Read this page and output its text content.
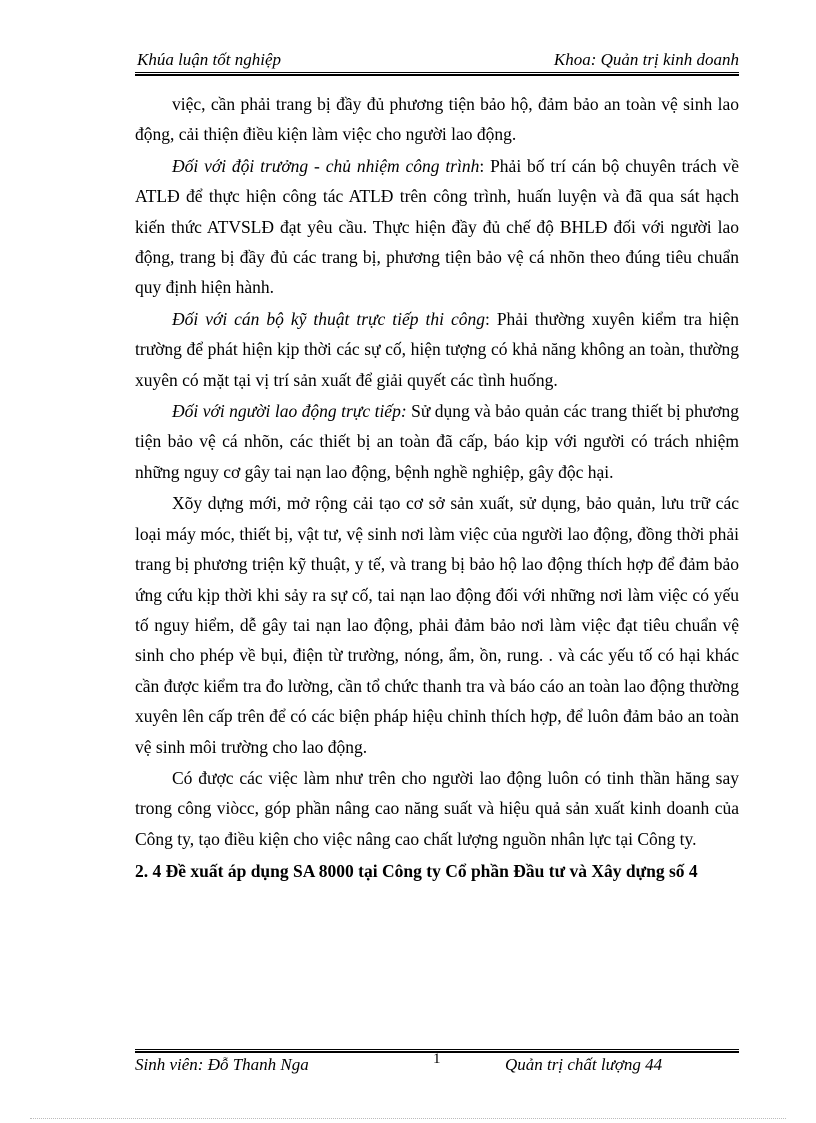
Khúa luận tốt nghiệp	Khoa: Quản trị kinh doanh

việc, cần phải trang bị đầy đủ phương tiện bảo hộ, đảm bảo an toàn vệ sinh lao động, cải thiện điều kiện làm việc cho người lao động.

Đối với đội trưởng - chủ nhiệm công trình: Phải bố trí cán bộ chuyên trách về ATLĐ để thực hiện công tác ATLĐ trên công trình, huấn luyện và đã qua sát hạch kiến thức ATVSLĐ đạt yêu cầu. Thực hiện đầy đủ chế độ BHLĐ đối với người lao động, trang bị đầy đủ các trang bị, phương tiện bảo vệ cá nhõn theo đúng tiêu chuẩn quy định hiện hành.

Đối với cán bộ kỹ thuật trực tiếp thi công: Phải thường xuyên kiểm tra hiện trường để phát hiện kịp thời các sự cố, hiện tượng có khả năng không an toàn, thường xuyên có mặt tại vị trí sản xuất để giải quyết các tình huống.

Đối với người lao động trực tiếp: Sử dụng và bảo quản các trang thiết bị phương tiện bảo vệ cá nhõn, các thiết bị an toàn đã cấp, báo kịp với người có trách nhiệm những nguy cơ gây tai nạn lao động, bệnh nghề nghiệp, gây độc hại.

Xõy dựng mới, mở rộng cải tạo cơ sở sản xuất, sử dụng, bảo quản, lưu trữ các loại máy móc, thiết bị, vật tư, vệ sinh nơi làm việc của người lao động, đồng thời phải trang bị phương triện kỹ thuật, y tế, và trang bị bảo hộ lao động thích hợp để đảm bảo ứng cứu kịp thời khi sảy ra sự cố, tai nạn lao động đối với những nơi làm việc có yếu tố nguy hiểm, dễ gây tai nạn lao động, phải đảm bảo nơi làm việc đạt tiêu chuẩn vệ sinh cho phép về bụi, điện từ trường, nóng, ẩm, ồn, rung. . và các yếu tố có hại khác cần được kiểm tra đo lường, cần tổ chức thanh tra và báo cáo an toàn lao động thường xuyên lên cấp trên để có các biện pháp hiệu chỉnh thích hợp, để luôn đảm bảo an toàn vệ sinh môi trường cho lao động.

Có được các việc làm như trên cho người lao động luôn có tinh thần hăng say trong công viòcc, góp phần nâng cao năng suất và hiệu quả sản xuất kinh doanh của Công ty, tạo điều kiện cho việc nâng cao chất lượng nguồn nhân lực tại Công ty.

2. 4 Đề xuất áp dụng SA 8000 tại Công ty Cổ phần Đầu tư và Xây dựng số 4

Sinh viên: Đỗ Thanh Nga	1	Quản trị chất lượng 44
